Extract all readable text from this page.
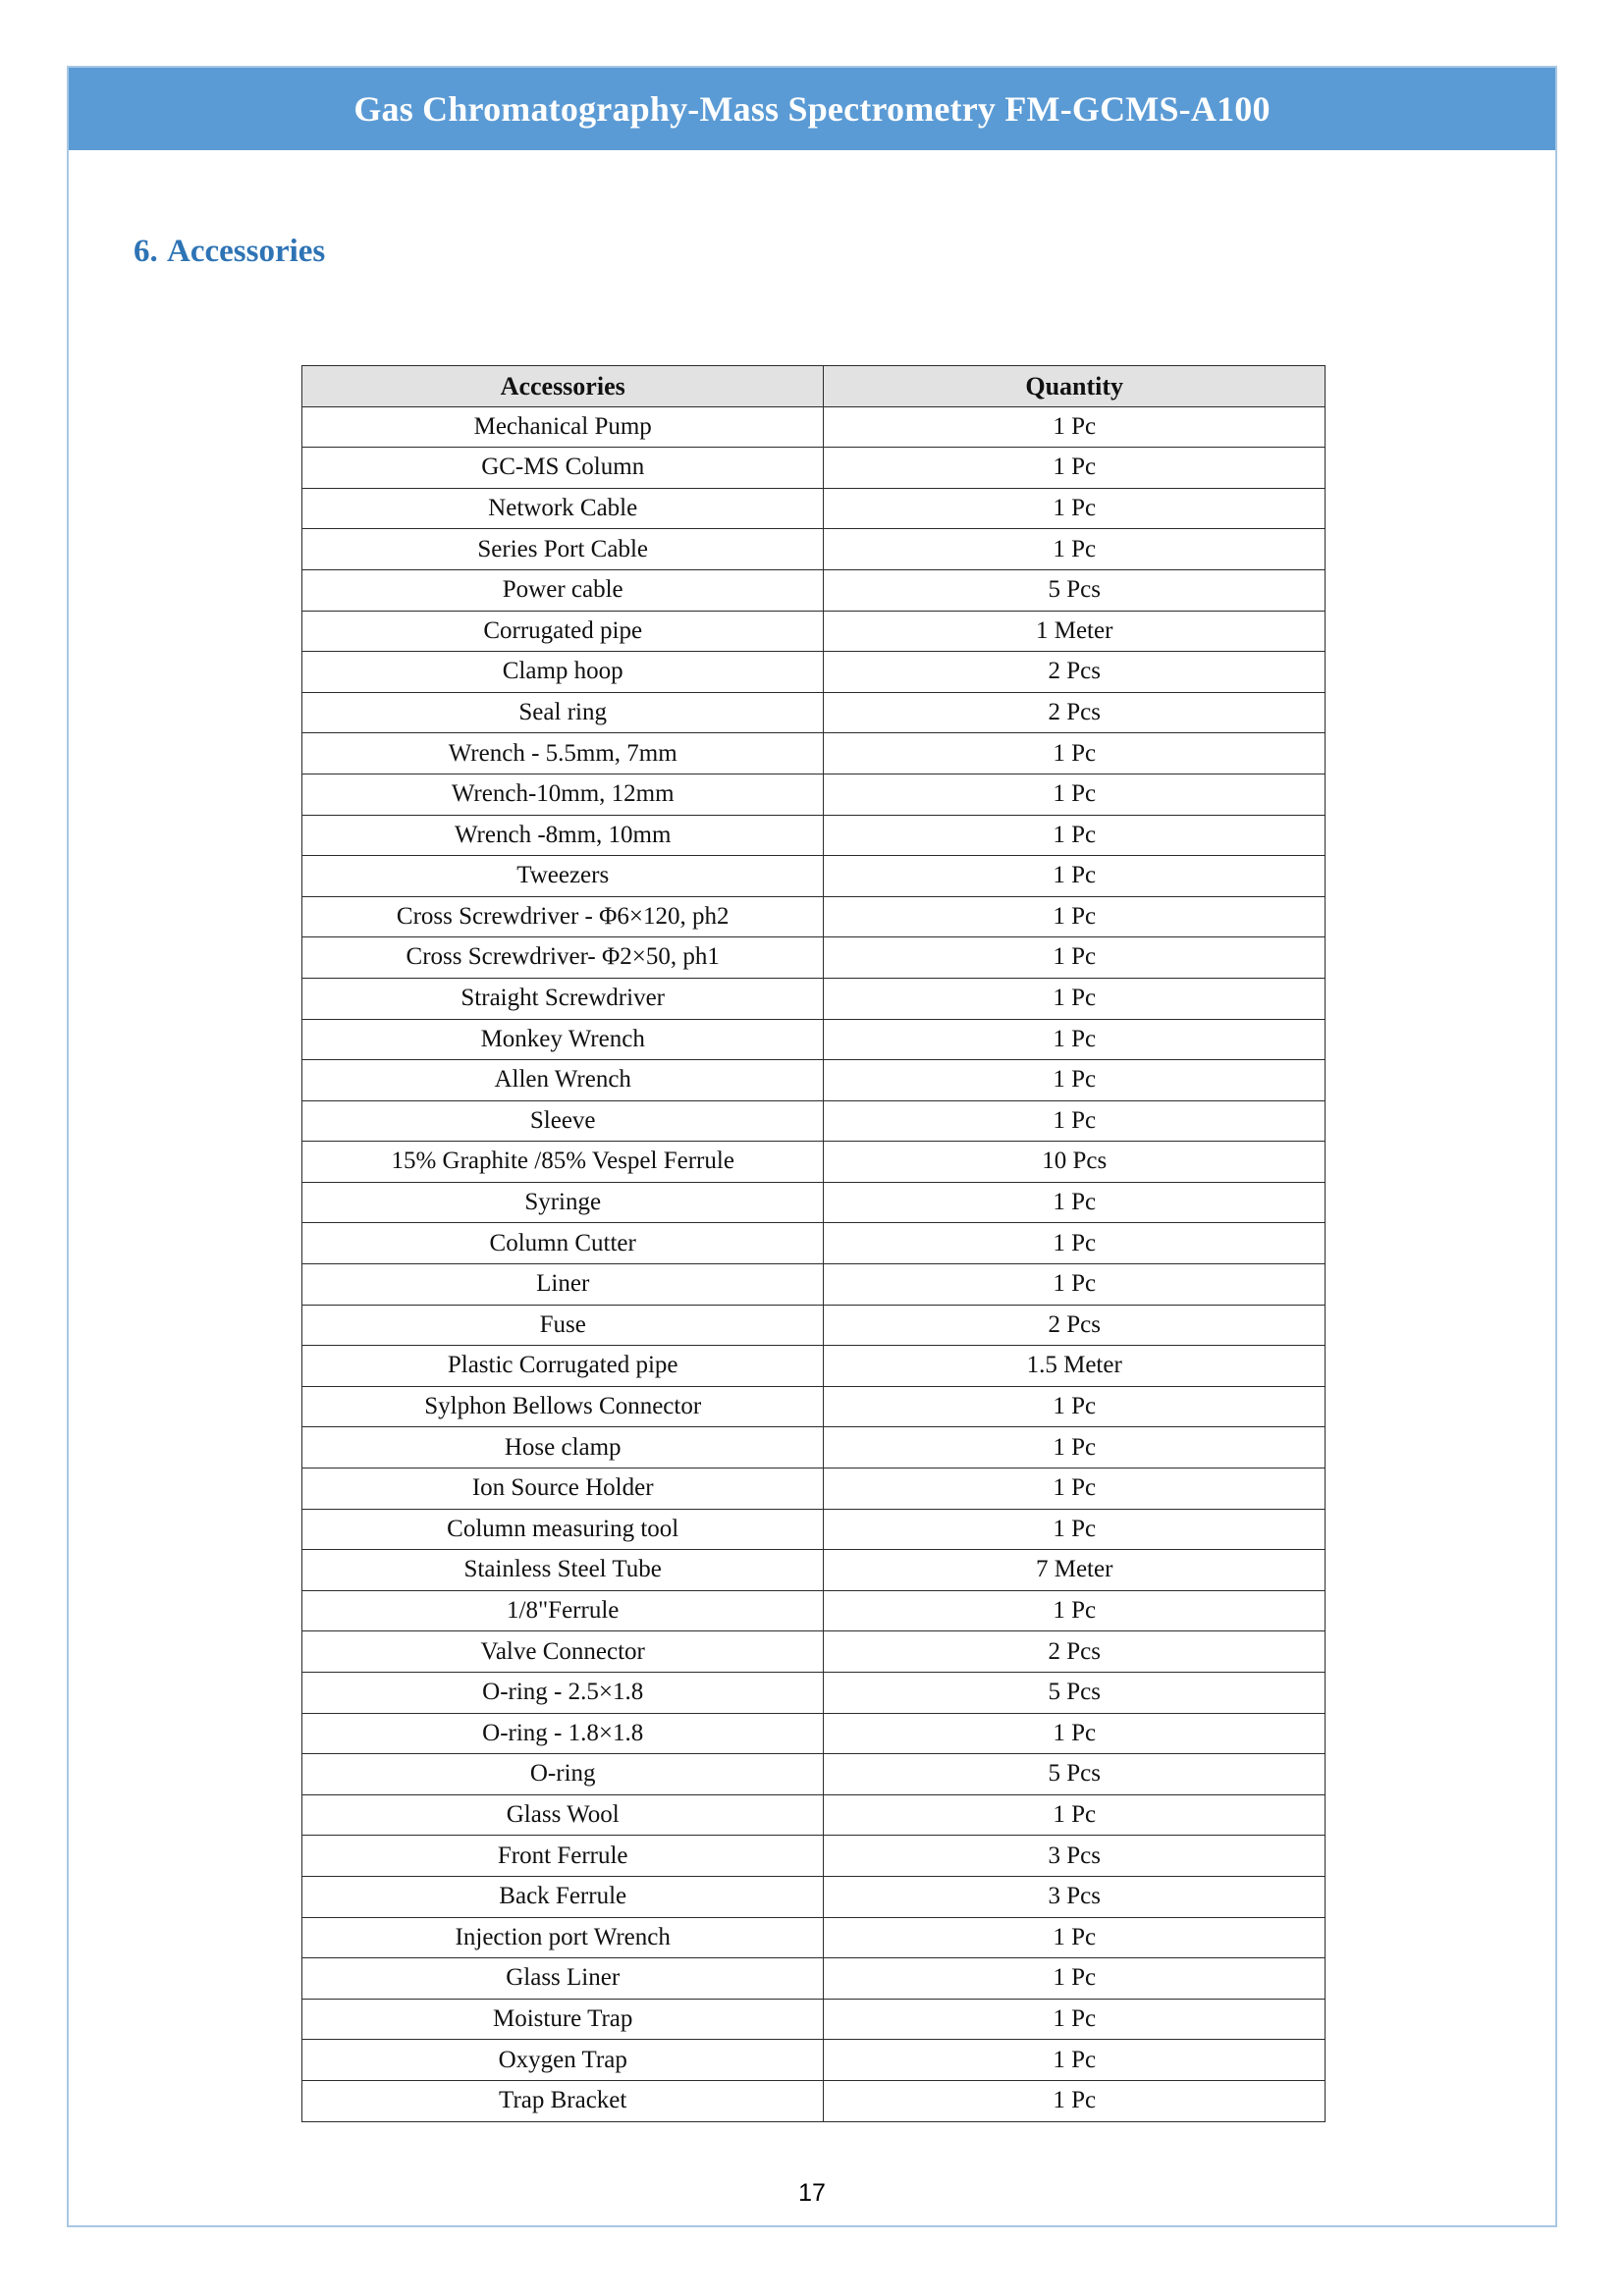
Gas Chromatography-Mass Spectrometry FM-GCMS-A100
6. Accessories
Accessories	Quantity
Mechanical Pump	1 Pc
GC-MS Column	1 Pc
Network Cable	1 Pc
Series Port Cable	1 Pc
Power cable	5 Pcs
Corrugated pipe	1 Meter
Clamp hoop	2 Pcs
Seal ring	2 Pcs
Wrench - 5.5mm, 7mm	1 Pc
Wrench-10mm, 12mm	1 Pc
Wrench -8mm, 10mm	1 Pc
Tweezers	1 Pc
Cross Screwdriver - Φ6×120, ph2	1 Pc
Cross Screwdriver- Φ2×50, ph1	1 Pc
Straight Screwdriver	1 Pc
Monkey Wrench	1 Pc
Allen Wrench	1 Pc
Sleeve	1 Pc
15% Graphite /85% Vespel Ferrule	10 Pcs
Syringe	1 Pc
Column Cutter	1 Pc
Liner	1 Pc
Fuse	2 Pcs
Plastic Corrugated pipe	1.5 Meter
Sylphon Bellows Connector	1 Pc
Hose clamp	1 Pc
Ion Source Holder	1 Pc
Column measuring tool	1 Pc
Stainless Steel Tube	7 Meter
1/8"Ferrule	1 Pc
Valve Connector	2 Pcs
O-ring - 2.5×1.8	5 Pcs
O-ring - 1.8×1.8	1 Pc
O-ring	5 Pcs
Glass Wool	1 Pc
Front Ferrule	3 Pcs
Back Ferrule	3 Pcs
Injection port Wrench	1 Pc
Glass Liner	1 Pc
Moisture Trap	1 Pc
Oxygen Trap	1 Pc
Trap Bracket	1 Pc
17
